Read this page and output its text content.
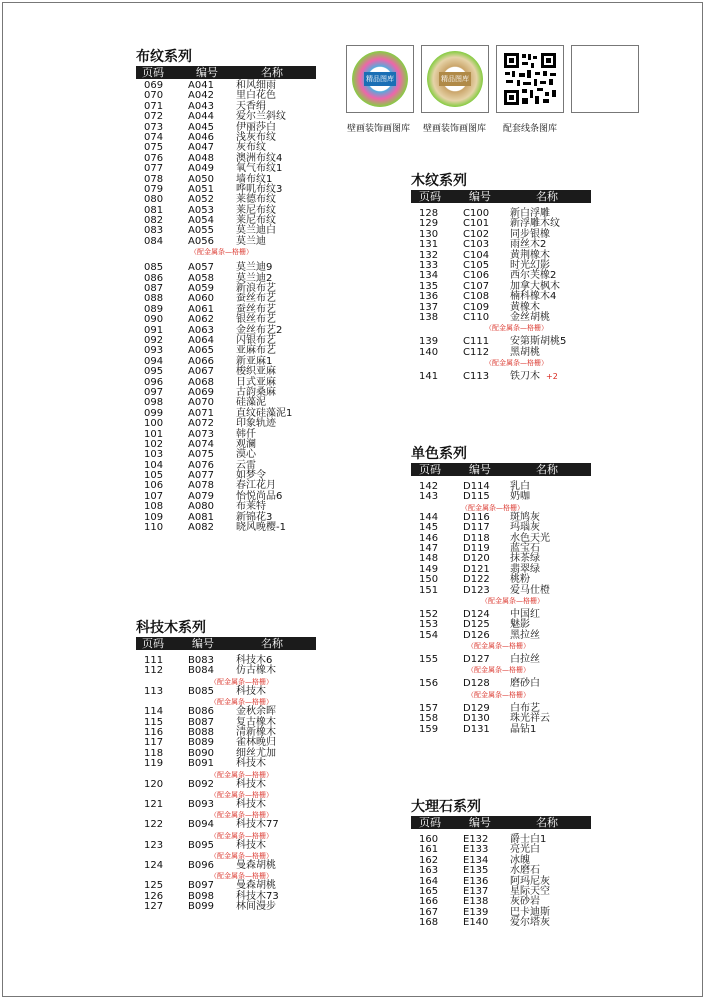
精品图库	精品图库
壁画装饰画图库 壁画装饰画图库 配套线条图库
布纹系列
页码	编号	名称
069 A041 和风细雨
070 A042 里白花色
071 A043 天香绢
072 A044 爱尔兰斜纹
073 A045 伊丽莎白
074 A046 浅灰布纹
075 A047 灰布纹
076 A048 澳洲布纹4
077 A049 氧气布纹1
078 A050 墙布纹1
079 A051 哗叽布纹3
080 A052 莱德布纹
081 A053 莱尼布纹
082 A054 莱尼布纹
083 A055 莫兰迪白
084 A056 莫兰迪
（配金属条—格栅）
085 A057 莫兰迪9
086 A058 莫兰迪2
087 A059 新浪布艺
088 A060 蚕丝布艺
089 A061 蚕丝布艺
090 A062 银丝布艺
091 A063 金丝布艺2
092 A064 闪银布艺
093 A065 亚麻布艺
094 A066 新亚麻1
095 A067 梭织亚麻
096 A068 日式亚麻
097 A069 古韵桑麻
098 A070 硅藻泥
099 A071 直纹硅藻泥1
100 A072 印象轨迹
101 A073 韩仟
102 A074 观澜
103 A075 漠心
104 A076 云雷
105 A077 如梦令
106 A078 春江花月
107 A079 怡悦尚品6
108 A080 布莱特
109 A081 新锦花3
110 A082 晓风晚樱-1
科技木系列
页码	编号	名称
111 B083 科技木6
112 B084 仿古橡木
（配金属条—格栅）
113 B085 科技木
（配金属条—格栅）
114 B086 金秋余晖
115 B087 复古橡木
116 B088 清新橡木
117 B089 雀林晚归
118 B090 细丝尤加
119 B091 科技木
（配金属条—格栅）
120 B092 科技木
（配金属条—格栅）
121 B093 科技木
（配金属条—格栅）
122 B094 科技木77
（配金属条—格栅）
123 B095 科技木
（配金属条—格栅）
124 B096 曼森胡桃
（配金属条—格栅）
125 B097 曼森胡桃
126 B098 科技木73
127 B099 林间漫步
木纹系列
页码	编号	名称
128 C100 新白浮雕
129 C101 新浮雕木纹
130 C102 同步银橡
131 C103 雨丝木2
132 C104 黄荆橡木
133 C105 时光幻影
134 C106 西尔芙橡2
135 C107 加拿大枫木
136 C108 楠科橡木4
137 C109 黄橡木
138 C110 金丝胡桃
（配金属条—格栅）
139 C111 安第斯胡桃5
140 C112 黑胡桃
（配金属条—格栅）
141 C113 铁刀木 +2
单色系列
页码	编号	名称
142 D114 乳白
143 D115 奶咖
（配金属条—格栅）
144 D116 斑鸠灰
145 D117 玛瑙灰
146 D118 水色天光
147 D119 蓝宝石
148 D120 抹茶绿
149 D121 翡翠绿
150 D122 桃粉
151 D123 爱马仕橙
（配金属条—格栅）
152 D124 中国红
153 D125 魅影
154 D126 黑拉丝
（配金属条—格栅）
155 D127 白拉丝
（配金属条—格栅）
156 D128 磨砂白
（配金属条—格栅）
157 D129 白布艺
158 D130 珠光祥云
159 D131 晶钻1
大理石系列
页码	编号	名称
160 E132 爵士白1
161 E133 亮光白
162 E134 冰魄
163 E135 水磨石
164 E136 阿玛尼灰
165 E137 星际天空
166 E138 灰砂岩
167 E139 巴卡迪斯
168 E140 爱尔塔灰
